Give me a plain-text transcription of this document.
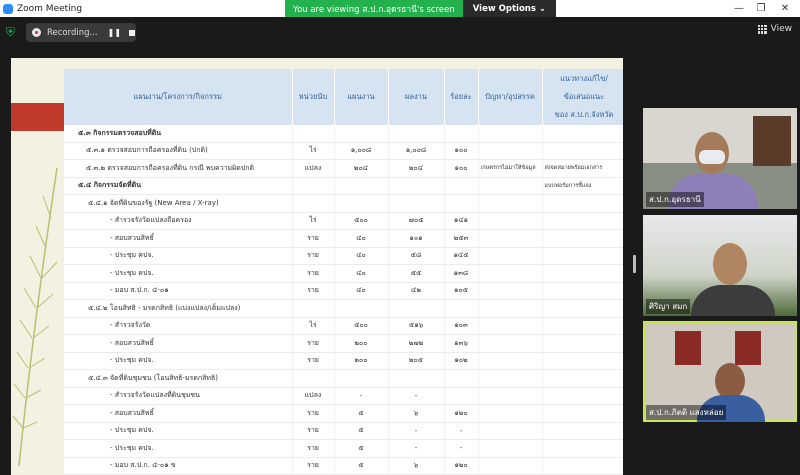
Zoom Meeting	—	❐	✕
You are viewing ส.ป.ก.อุดรธานี's screen	View Options ⌄
⛨	Recording... ❚❚	View
แผนงาน/โครงการ/กิจกรรม	หน่วยนับ	แผนงาน	ผลงาน	ร้อยละ	ปัญหา/อุปสรรค	แนวทางแก้ไข/
ข้อเสนอแนะ
ของ ส.ป.ก.จังหวัด

๕.๓ กิจกรรมตรวจสอบที่ดิน						
๕.๓.๑ ตรวจสอบการถือครองที่ดิน (ปกติ)	ไร่	๑,๐๐๘	๑,๐๐๘	๑๐๐		
๕.๓.๒ ตรวจสอบการถือครองที่ดิน กรณี พบความผิดปกติ	แปลง	๒๐๔	๒๐๔	๑๐๐	เกษตรกรไม่มาให้ข้อมูล	ส่งจดหมายพร้อมเอกสาร
๕.๔ กิจกรรมจัดที่ดิน						แบบฟอร์มการชี้แจง
๕.๔.๑ จัดที่ดินของรัฐ (New Area / X-ray)						
- สำรวจรังวัดแปลงถือครอง	ไร่	๕๐๐	๗๐๕	๑๔๑		
- สอบสวนสิทธิ์	ราย	๔๐	๑๐๑	๒๕๓		
- ประชุม คปจ.	ราย	๔๐	๕๘	๑๔๕		
- ประชุม คปจ.	ราย	๔๐	๕๕	๑๓๘		
- มอบ ส.ป.ก. ๔-๐๑	ราย	๔๐	๔๒	๑๐๕		
๕.๔.๒ โอนสิทธิ - มรดกสิทธิ (แบ่งแปลง/เต็มแปลง)						
- สำรวจรังวัด	ไร่	๕๐๐	๕๑๖	๑๐๓		
- สอบสวนสิทธิ์	ราย	๒๐๐	๒๗๒	๑๓๖		
- ประชุม คปจ.	ราย	๒๐๐	๒๐๕	๑๐๒		
๕.๔.๓ จัดที่ดินชุมชน (โอนสิทธิ-มรดกสิทธิ)						
- สำรวจรังวัดแปลงที่ดินชุมชน	แปลง	-	-			
- สอบสวนสิทธิ์	ราย	๕	๖	๑๒๐		
- ประชุม คปจ.	ราย	๕	-	-		
- ประชุม คปจ.	ราย	๕	-	-		
- มอบ ส.ป.ก. ๔-๐๑ ข	ราย	๕	๖	๑๒๐		
ส.ป.ก.อุดรธานี
ศิริญา สมก
ส.ป.ก.ภิตติ แสงหล่อย
